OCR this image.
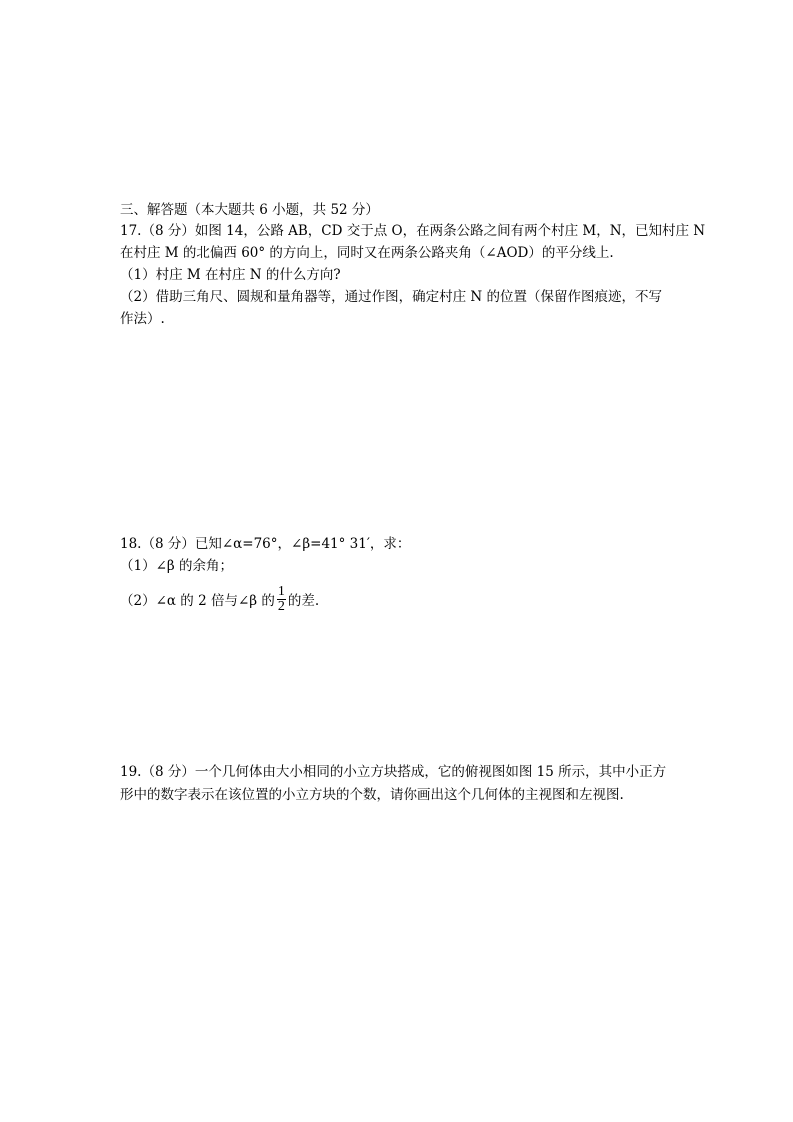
三、解答题（本大题共 6 小题，共 52 分）
17.（8 分）如图 14，公路 AB，CD 交于点 O，在两条公路之间有两个村庄 M，N，已知村庄 N
在村庄 M 的北偏西 60° 的方向上，同时又在两条公路夹角（∠AOD）的平分线上.
（1）村庄 M 在村庄 N 的什么方向?
（2）借助三角尺、圆规和量角器等，通过作图，确定村庄 N 的位置（保留作图痕迹，不写
作法）.
18.（8 分）已知∠α=76°，∠β=41° 31′，求：
（1）∠β 的余角；
（2）∠α 的 2 倍与∠β 的 $\frac{1}{2}$ 的差.
19.（8 分）一个几何体由大小相同的小立方块搭成，它的俯视图如图 15 所示，其中小正方
形中的数字表示在该位置的小立方块的个数，请你画出这个几何体的主视图和左视图.
